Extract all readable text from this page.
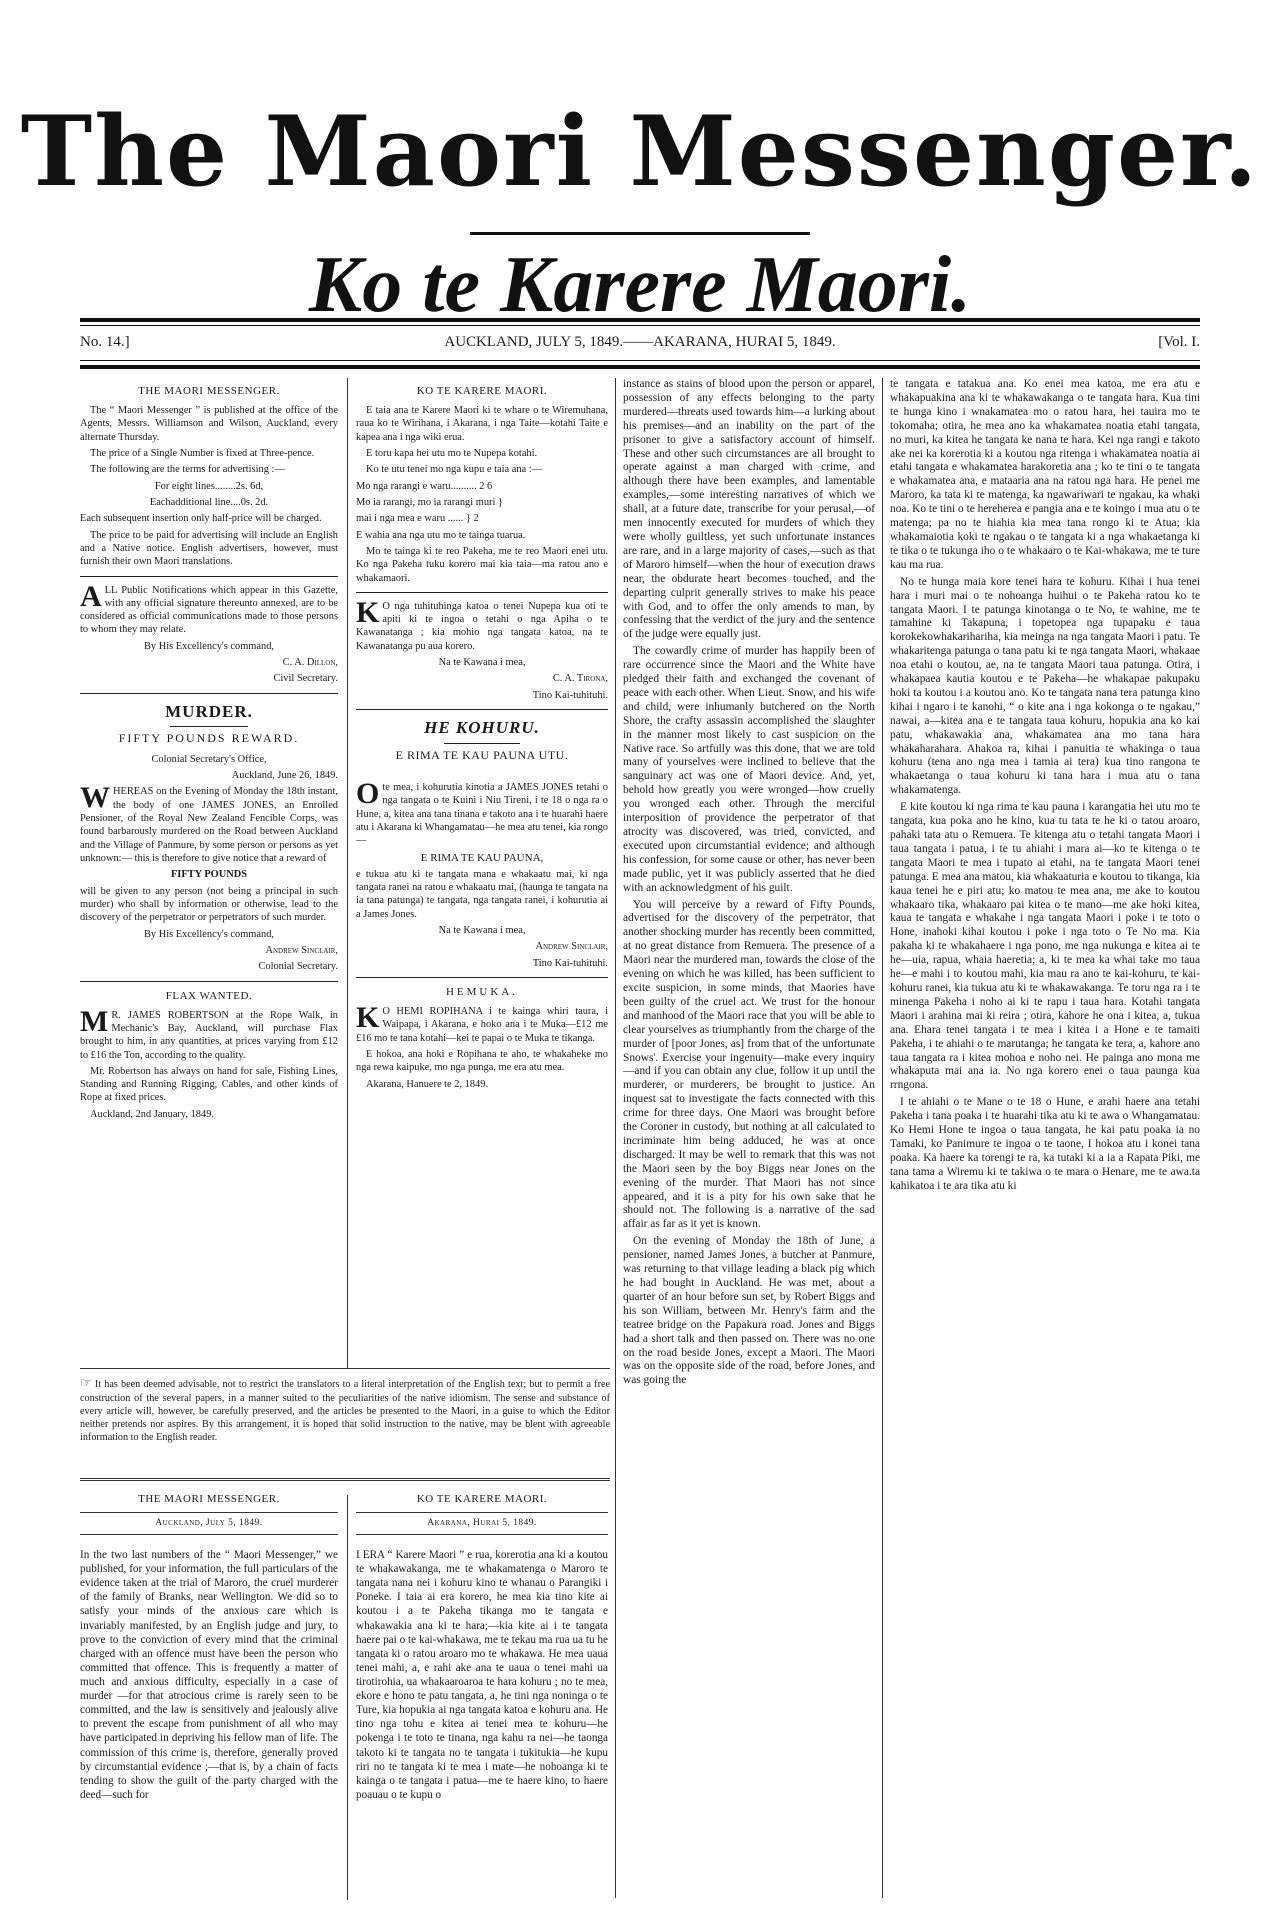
The Maori Messenger.
Ko te Karere Maori.
No. 14.]	AUCKLAND, JULY 5, 1849.——AKARANA, HURAI 5, 1849.	[Vol. I.
THE MAORI MESSENGER.

The “ Maori Messenger ” is published at the office of the Agents, Messrs. Williamson and Wilson, Auckland, every alternate Thursday.

The price of a Single Number is fixed at Three-pence.

The following are the terms for advertising :—

For eight lines........2s. 6d,

Eachadditional line....0s. 2d.

Each subsequent insertion only half-price will be charged.

The price to be paid for advertising will include an English and a Native notice. English advertisers, however, must furnish their own Maori translations.

ALL Public Notifications which appear in this Gazette, with any official signature thereunto annexed, are to be considered as official communications made to those persons to whom they may relate.

By His Excellency's command,

C. A. Dillon,

Civil Secretary.

MURDER.
FIFTY POUNDS REWARD.

Colonial Secretary's Office,

Auckland, June 26, 1849.

WHEREAS on the Evening of Monday the 18th instant, the body of one JAMES JONES, an Enrolled Pensioner, of the Royal New Zealand Fencible Corps, was found barbarously murdered on the Road between Auckland and the Village of Panmure, by some person or persons as yet unknown:— this is therefore to give notice that a reward of

FIFTY POUNDS

will be given to any person (not being a principal in such murder) who shall by information or otherwise, lead to the discovery of the perpetrator or perpetrators of such murder.

By His Excellency's command,

Andrew Sinclair,

Colonial Secretary.

FLAX WANTED.

MR. JAMES ROBERTSON at the Rope Walk, in Mechanic's Bay, Auckland, will purchase Flax brought to him, in any quantities, at prices varying from £12 to £16 the Ton, according to the quality.

Mr. Robertson has always on hand for sale, Fishing Lines, Standing and Running Rigging, Cables, and other kinds of Rope at fixed prices.

Auckland, 2nd January, 1849.

KO TE KARERE MAORI.

E taia ana te Karere Maori ki te whare o te Wiremuhana, raua ko te Wirihana, i Akarana, i nga Taite—kotahi Taite e kapea ana i nga wiki erua.

E toru kapa hei utu mo te Nupepa kotahi.

Ko te utu tenei mo nga kupu e taia ana :—

Mo nga rarangi e waru.......... 2 6

Mo ia rarangi, mo ia rarangi muri }

mai i nga mea e waru ...... } 2

E wahia ana nga utu mo te tainga tuarua.

Mo te tainga ki te reo Pakeha, me te reo Maori enei utu. Ko nga Pakeha tuku korero mai kia taia—ma ratou ano e whakamaori.

KO nga tuhituhinga katoa o tenei Nupepa kua oti te apiti ki te ingoa o tetahi o nga Apiha o te Kawanatanga ; kia mohio nga tangata katoa, na te Kawanatanga pu aua korero.

Na te Kawana i mea,

C. A. Tirona,

Tino Kai-tuhituhi.

HE KOHURU.
E RIMA TE KAU PAUNA UTU.

Ote mea, i kohurutia kinotia a JAMES JONES tetahi o nga tangata o te Kuini i Niu Tireni, i te 18 o nga ra o Hune, a, kitea ana tana tinana e takoto ana i te huarahi haere atu i Akarana ki Whangamatau—he mea atu tenei, kia rongo—

E RIMA TE KAU PAUNA,

e tukua atu ki te tangata mana e whakaatu mai, ki nga tangata ranei na ratou e whakaatu mai, (haunga te tangata na ia tana patunga) te tangata, nga tangata ranei, i kohurutia ai a James Jones.

Na te Kawana i mea,

Andrew Sinclair,

Tino Kai-tuhituhi.

HEMUKA.

KO HEMI ROPIHANA i te kainga whiri taura, i Waipapa, i Akarana, e hoko ana i te Muka—£12 me £16 mo te tana kotahi—kei te papai o te Muka te tikanga.

E hokoa, ana hoki e Ropihana te aho, te whakaheke mo nga rewa kaipuke, mo nga punga, me era atu mea.

Akarana, Hanuere te 2, 1849.

☞ It has been deemed advisable, not to restrict the translators to a literal interpretation of the English text; but to permit a free construction of the several papers, in a manner suited to the peculiarities of the native idiomism. The sense and substance of every article will, however, be carefully preserved, and the articles be presented to the Maori, in a guise to which the Editor neither pretends nor aspires. By this arrangement, it is hoped that solid instruction to the native, may be blent with agreeable information to the English reader.
THE MAORI MESSENGER.
Auckland, July 5, 1849.
KO TE KARERE MAORI.
Akarana, Hurai 5, 1849.

In the two last numbers of the “ Maori Messenger,” we published, for your information, the full particulars of the evidence taken at the trial of Maroro, the cruel murderer of the family of Branks, near Wellington. We did so to satisfy your minds of the anxious care which is invariably manifested, by an English judge and jury, to prove to the conviction of every mind that the criminal charged with an offence must have been the person who committed that offence. This is frequently a matter of much and anxious difficulty, especially in a case of murder —for that atrocious crime is rarely seen to be committed, and the law is sensitively and jealously alive to prevent the escape from punishment of all who may have participated in depriving his fellow man of life. The commission of this crime is, therefore, generally proved by circumstantial evidence ;—that is, by a chain of facts tending to show the guilt of the party charged with the deed—such for

I ERA “ Karere Maori ” e rua, korerotia ana ki a koutou te whakawakanga, me te whakamatenga o Maroro te tangata nana nei i kohuru kino te whanau o Parangiki i Poneke. I taia ai era korero, he mea kia tino kite ai koutou i a te Pakeha tikanga mo te tangata e whakawakia ana ki te hara;—kia kite ai i te tangata haere pai o te kai-whakawa, me te tekau ma rua ua tu he tangata ki o ratou aroaro mo te whakawa. He mea uaua tenei mahi, a, e rahi ake ana te uaua o tenei mahi ua tirotirohia, ua whakaaroaroa te hara kohuru ; no te mea, ekore e hono te patu tangata, a, he tini nga noninga o te Ture, kia hopukia ai nga tangata katoa e kohuru ana. He tino nga tohu e kitea ai tenei mea te kohuru—he pokenga i te toto te tinana, nga kahu ra nei—he taonga takoto ki te tangata no te tangata i tukitukia—he kupu riri no te tangata ki te mea i mate—he nohoanga ki te kainga o te tangata i patua—me te haere kino, to haere poauau o te kupu o

instance as stains of blood upon the person or apparel, possession of any effects belonging to the party murdered—threats used towards him—a lurking about his premises—and an inability on the part of the prisoner to give a satisfactory account of himself. These and other such circumstances are all brought to operate against a man charged with crime, and although there have been examples, and lamentable examples,—some interesting narratives of which we shall, at a future date, transcribe for your perusal,—of men innocently executed for murders of which they were wholly guiltless, yet such unfortunate instances are rare, and in a large majority of cases,—such as that of Maroro himself—when the hour of execution draws near, the obdurate heart becomes touched, and the departing culprit generally strives to make his peace with God, and to offer the only amends to man, by confessing that the verdict of the jury and the sentence of the judge were equally just.

The cowardly crime of murder has happily been of rare occurrence since the Maori and the White have pledged their faith and exchanged the covenant of peace with each other. When Lieut. Snow, and his wife and child, were inhumanly butchered on the North Shore, the crafty assassin accomplished the slaughter in the manner most likely to cast suspicion on the Native race. So artfully was this done, that we are told many of yourselves were inclined to believe that the sanguinary act was one of Maori device. And, yet, behold how greatly you were wronged—how cruelly you wronged each other. Through the merciful interposition of providence the perpetrator of that atrocity was discovered, was tried, convicted, and executed upon circumstantial evidence; and although his confession, for some cause or other, has never been made public, yet it was publicly asserted that he died with an acknowledgment of his guilt.

You will perceive by a reward of Fifty Pounds, advertised for the discovery of the perpetrator, that another shocking murder has recently been committed, at no great distance from Remuera. The presence of a Maori near the murdered man, towards the close of the evening on which he was killed, has been sufficient to excite suspicion, in some minds, that Maories have been guilty of the cruel act. We trust for the honour and manhood of the Maori race that you will be able to clear yourselves as triumphantly from the charge of the murder of [poor Jones, as] from that of the unfortunate Snows'. Exercise your ingenuity—make every inquiry—and if you can obtain any clue, follow it up until the murderer, or murderers, be brought to justice. An inquest sat to investigate the facts connected with this crime for three days. One Maori was brought before the Coroner in custody, but nothing at all calculated to incriminate him being adduced, he was at once discharged. It may be well to remark that this was not the Maori seen by the boy Biggs near Jones on the evening of the murder. That Maori has not since appeared, and it is a pity for his own sake that he should not. The following is a narrative of the sad affair as far as it yet is known.

On the evening of Monday the 18th of June, a pensioner, named James Jones, a butcher at Panmure, was returning to that village leading a black pig which he had bought in Auckland. He was met, about a quarter of an hour before sun set, by Robert Biggs and his son William, between Mr. Henry's farm and the teatree bridge on the Papakura road. Jones and Biggs had a short talk and then passed on. There was no one on the road beside Jones, except a Maori. The Maori was on the opposite side of the road, before Jones, and was going the

te tangata e tatakua ana. Ko enei mea katoa, me era atu e whakapuakina ana ki te whakawakanga o te tangata hara. Kua tini te hunga kino i wnakamatea mo o ratou hara, hei tauira mo te tokomaha; otira, he mea ano ka whakamatea noatia etahi tangata, no muri, ka kitea he tangata ke nana te hara. Kei nga rangi e takoto ake nei ka korerotia ki a koutou nga ritenga i whakamatea noatia ai etahi tangata e whakamatea harakoretia ana ; ko te tini o te tangata e whakamatea ana, e mataaria ana na ratou nga hara. He penei me Maroro, ka tata ki te matenga, ka ngawariwari te ngakau, ka whaki noa. Ko te tini o te hereherea e pangia ana e te koingo i mua atu o te matenga; pa no te hiahia kia mea tana rongo ki te Atua; kia whakamaiotia koki te ngakau o te tangata ki a nga whakaetanga ki te tika o te tukunga iho o te whakaaro o te Kai-whakawa, me te ture kau ma rua.

No te hunga maia kore tenei hara te kohuru. Kihai i hua tenei hara i muri mai o te nohoanga huihui o te Pakeha ratou ko te tangata Maori. I te patunga kinotanga o te No, te wahine, me te tamahine ki Takapuna, i topetopea nga tupapaku e taua korokekowhakarihariha, kia meinga na nga tangata Maori i patu. Te whakaritenga patunga o tana patu ki te nga tangata Maori, whakaae noa etahi o koutou, ae, na te tangata Maori taua patunga. Otira, i whakapaea kautia koutou e te Pakeha—he whakapae pakupaku hoki ta koutou i a koutou ano. Ko te tangata nana tera patunga kino kihai i ngaro i te kanohi, “ o kite ana i nga kokonga o te ngakau,” nawai, a—kitea ana e te tangata taua kohuru, hopukia ana ko kai patu, whakawakia ana, whakamatea ana mo tana hara whakaharahara. Ahakoa ra, kihai i panuitia te whakinga o taua kohuru (tena ano nga mea i tamia ai tera) kua tino rangona te whakaetanga o taua kohuru ki tana hara i mua atu o tana whakamatenga.

E kite koutou ki nga rima te kau pauna i karangatia hei utu mo te tangata, kua poka ano he kino, kua tu tata te he ki o tatou aroaro, pahaki tata atu o Remuera. Te kitenga atu o tetahi tangata Maori i taua tangata i patua, i te tu ahiahi i mara ai—ko te kitenga o te tangata Maori te mea i tupato ai etahi, na te tangata Maori tenei patunga. E mea ana matou, kia whakaaturia e koutou to tikanga, kia kaua tenei he e piri atu; ko matou te mea ana, me ake to koutou whakaaro tika, whakaaro pai kitea o te mano—me ake hoki kitea, kaua te tangata e whakahe i nga tangata Maori i poke i te toto o Hone, inahoki kihai koutou i poke i nga toto o Te No ma. Kia pakaha ki te whakahaere i nga pono, me nga nukunga e kitea ai te he—uia, rapua, whaia haeretia; a, ki te mea ka whai take mo taua he—e mahi i to koutou mahi, kia mau ra ano te kai-kohuru, te kai-kohuru ranei, kia tukua atu ki te whakawakanga. Te toru nga ra i te minenga Pakeha i noho ai ki te rapu i taua hara. Kotahi tangata Maori i arahina mai ki reira ; otira, kahore he ona i kitea, a, tukua ana. Ehara tenei tangata i te mea i kitea i a Hone e te tamaiti Pakeha, i te ahiahi o te marutanga; he tangata ke tera, a, kahore ano taua tangata ra i kitea mohoa e noho nei. He painga ano mona me whakaputa mai ana ia. No nga korero enei o taua paunga kua rrngona.

I te ahiahi o te Mane o te 18 o Hune, e arahi haere ana tetahi Pakeha i tana poaka i te huarahi tika atu ki te awa o Whangamatau. Ko Hemi Hone te ingoa o taua tangata, he kai patu poaka ia no Tamaki, ko Panimure te ingoa o te taone, I hokoa atu i konei tana poaka. Ka haere ka torengi te ra, ka tutaki ki a ia a Rapata Piki, me tana tama a Wiremu ki te takiwa o te mara o Henare, me te awa.ta kahikatoa i te ara tika atu ki
